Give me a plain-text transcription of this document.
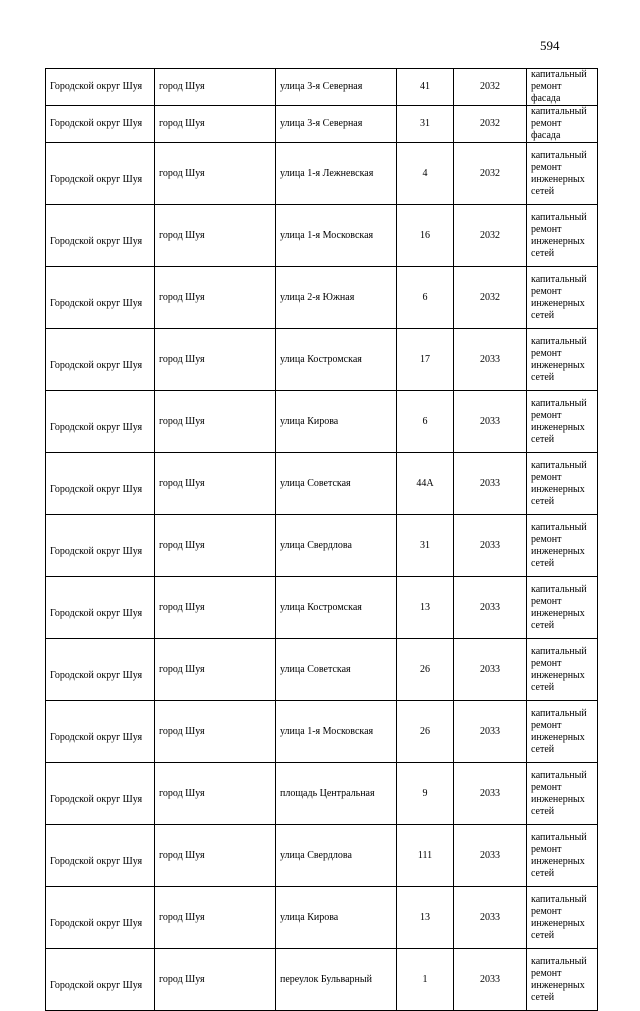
594
Городской округ Шуя	город Шуя	улица 3-я Северная	41	2032	капитальный ремонт фасада
Городской округ Шуя	город Шуя	улица 3-я Северная	31	2032	капитальный ремонт фасада
Городской округ Шуя	город Шуя	улица 1-я Лежневская	4	2032	капитальный ремонт инженерных сетей
Городской округ Шуя	город Шуя	улица 1-я Московская	16	2032	капитальный ремонт инженерных сетей
Городской округ Шуя	город Шуя	улица 2-я Южная	6	2032	капитальный ремонт инженерных сетей
Городской округ Шуя	город Шуя	улица Костромская	17	2033	капитальный ремонт инженерных сетей
Городской округ Шуя	город Шуя	улица Кирова	6	2033	капитальный ремонт инженерных сетей
Городской округ Шуя	город Шуя	улица Советская	44А	2033	капитальный ремонт инженерных сетей
Городской округ Шуя	город Шуя	улица Свердлова	31	2033	капитальный ремонт инженерных сетей
Городской округ Шуя	город Шуя	улица Костромская	13	2033	капитальный ремонт инженерных сетей
Городской округ Шуя	город Шуя	улица Советская	26	2033	капитальный ремонт инженерных сетей
Городской округ Шуя	город Шуя	улица 1-я Московская	26	2033	капитальный ремонт инженерных сетей
Городской округ Шуя	город Шуя	площадь Центральная	9	2033	капитальный ремонт инженерных сетей
Городской округ Шуя	город Шуя	улица Свердлова	111	2033	капитальный ремонт инженерных сетей
Городской округ Шуя	город Шуя	улица Кирова	13	2033	капитальный ремонт инженерных сетей
Городской округ Шуя	город Шуя	переулок Бульварный	1	2033	капитальный ремонт инженерных сетей
